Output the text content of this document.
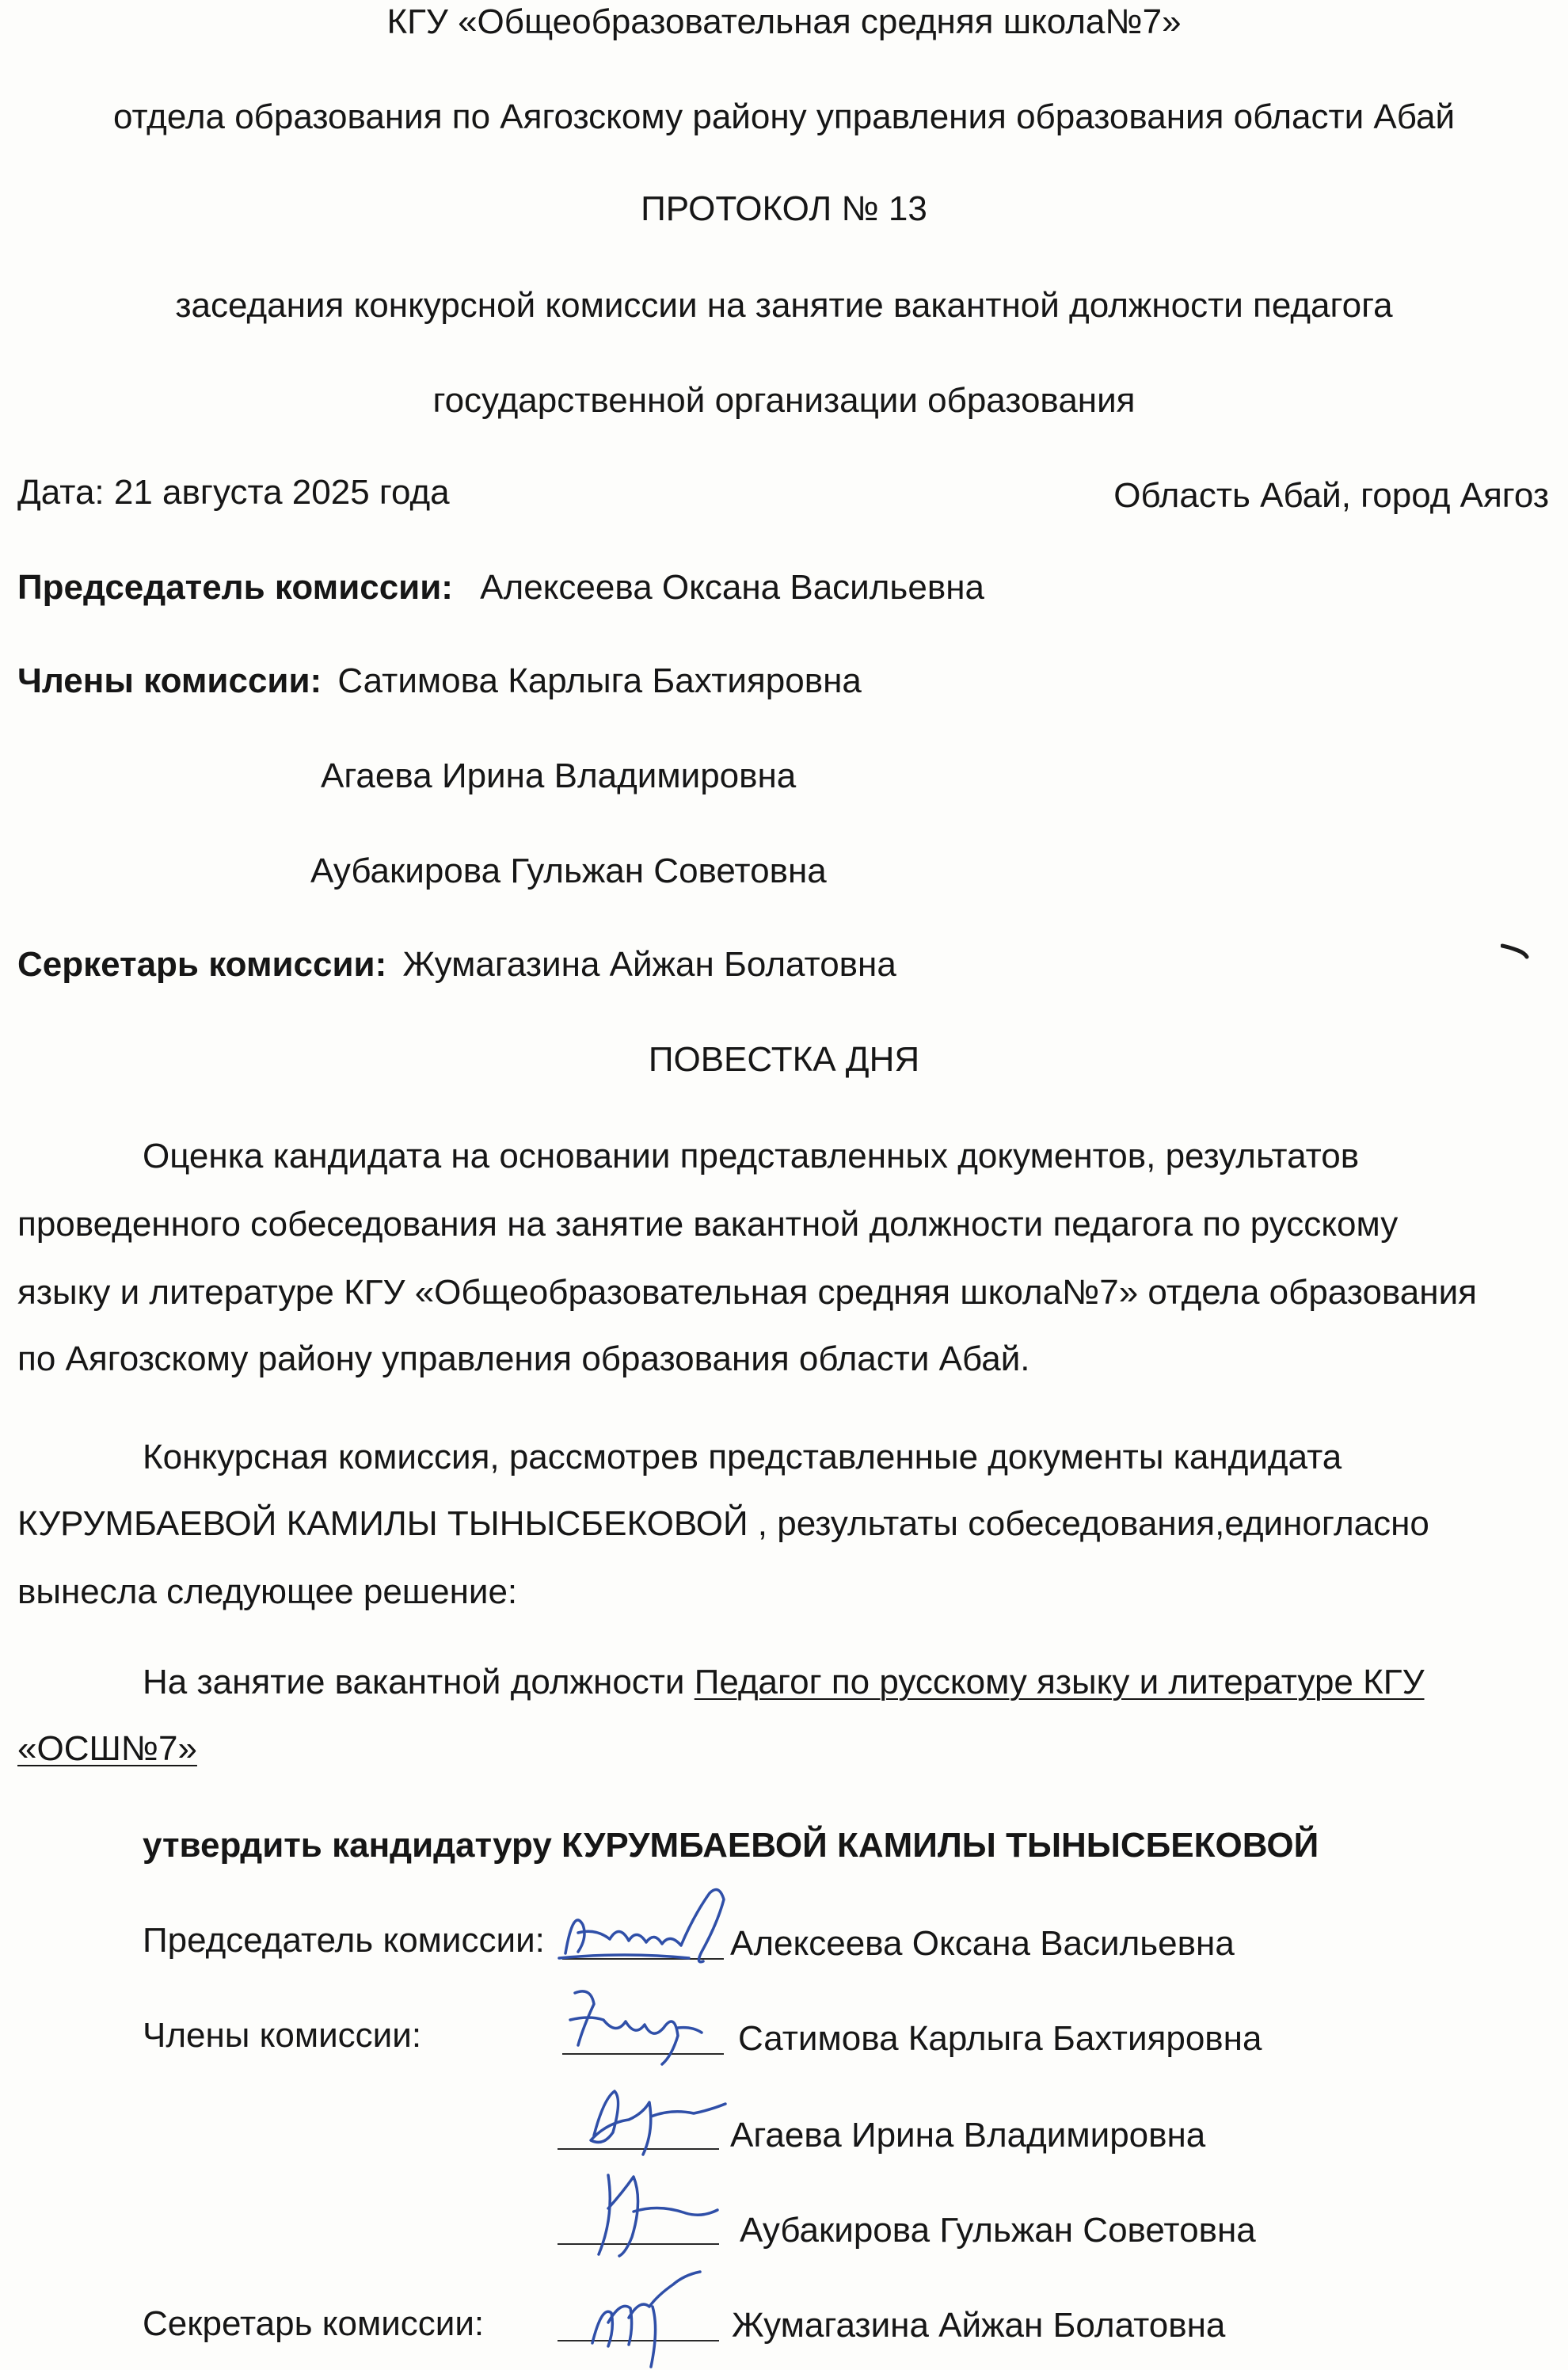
КГУ «Общеобразовательная средняя школа№7»
отдела образования по Аягозскому району управления образования области Абай
ПРОТОКОЛ № 13
заседания конкурсной комиссии на занятие вакантной должности педагога
государственной организации образования
Дата: 21 августа 2025 года	Область Абай, город Аягоз
Председатель комиссии: Алексеева Оксана Васильевна
Члены комиссии: Сатимова Карлыга Бахтияровна
Агаева Ирина Владимировна
Аубакирова Гульжан Советовна
Серкетарь комиссии: Жумагазина Айжан Болатовна
ПОВЕСТКА ДНЯ
Оценка кандидата на основании представленных документов, результатов
проведенного собеседования на занятие вакантной должности педагога по русскому
языку и литературе КГУ «Общеобразовательная средняя школа№7» отдела образования
по Аягозскому району управления образования области Абай.
Конкурсная комиссия, рассмотрев представленные документы кандидата
КУРУМБАЕВОЙ КАМИЛЫ ТЫНЫСБЕКОВОЙ , результаты собеседования,единогласно
вынесла следующее решение:
На занятие вакантной должности Педагог по русскому языку и литературе КГУ
«ОСШ№7»
утвердить кандидатуру КУРУМБАЕВОЙ КАМИЛЫ ТЫНЫСБЕКОВОЙ
Председатель комиссии:	Алексеева Оксана Васильевна
Члены комиссии:	Сатимова Карлыга Бахтияровна
Агаева Ирина Владимировна
Аубакирова Гульжан Советовна
Секретарь комиссии:	Жумагазина Айжан Болатовна
